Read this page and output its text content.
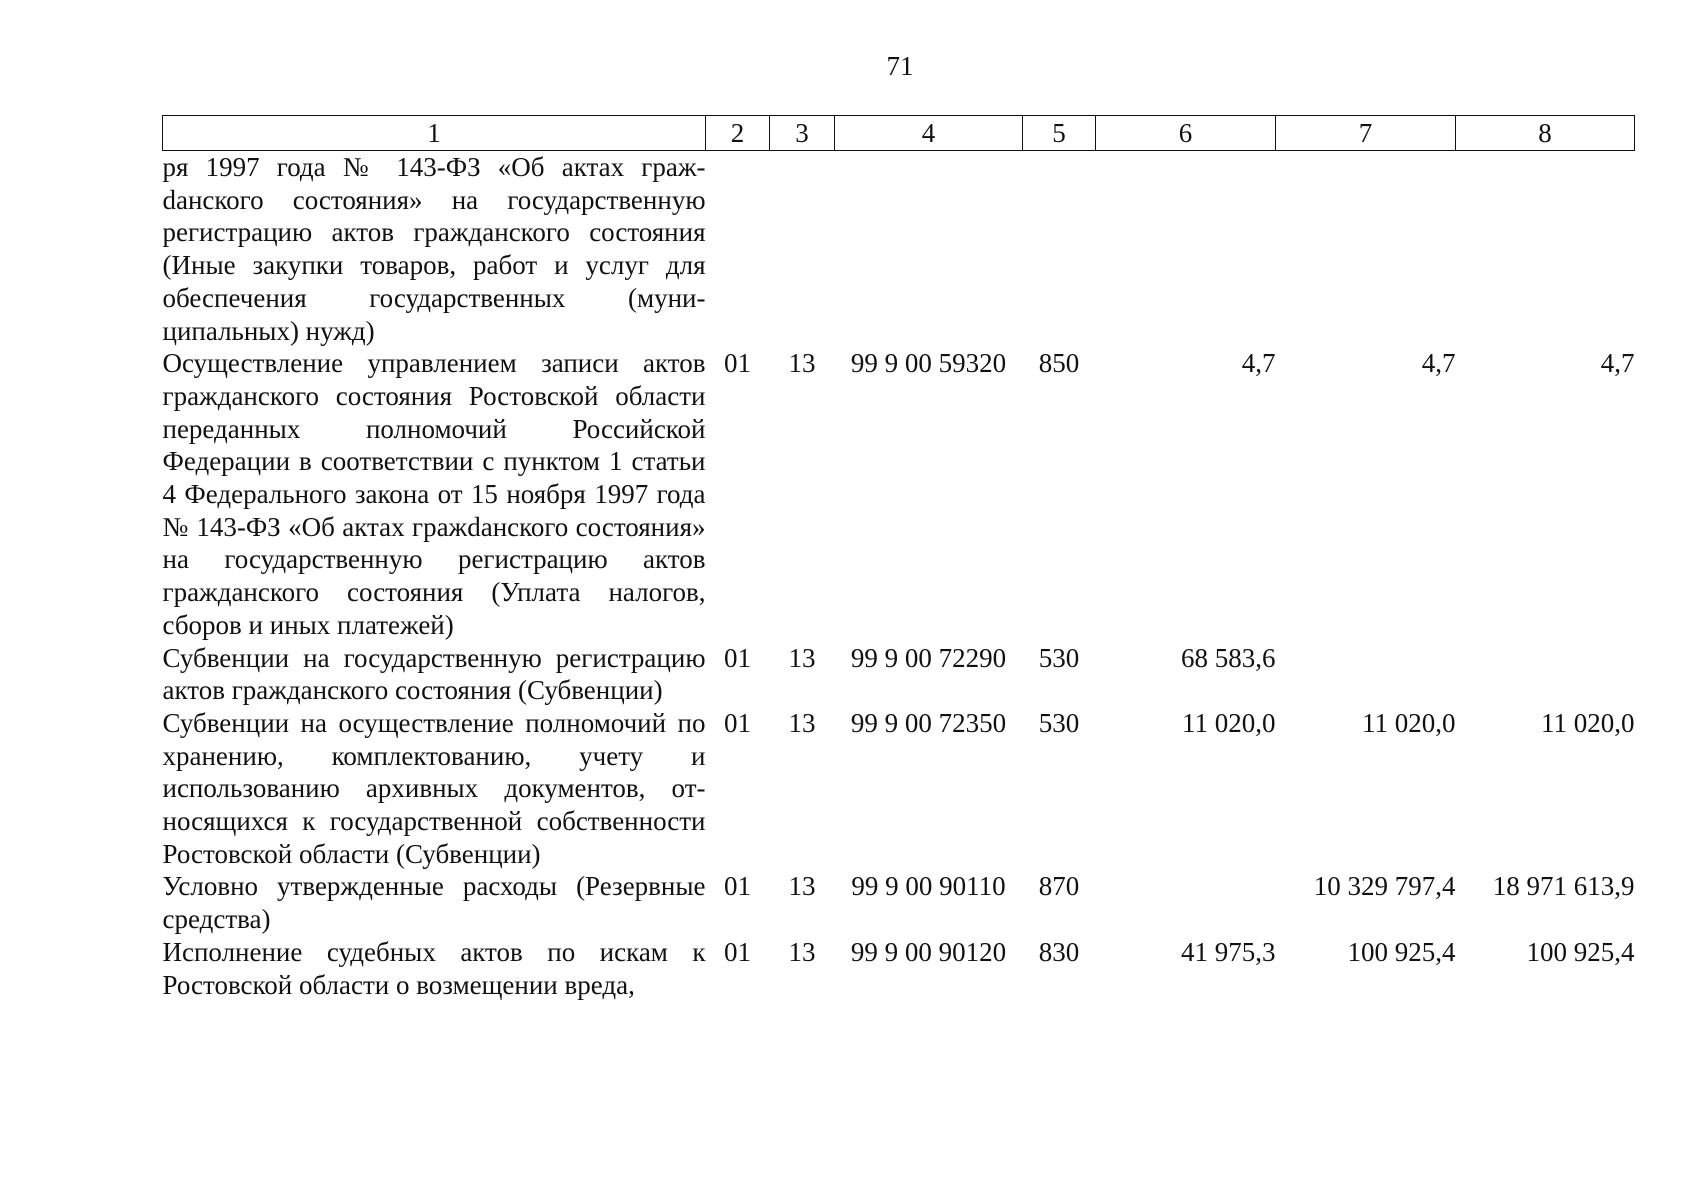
71
1	2	3	4	5	6	7	8
ря 1997 года № 143-ФЗ «Об актах гражdанского состояния» на государственную регистрацию актов гражданского состояния (Иные закупки товаров, работ и услуг для обеспечения государственных (муниципальных) нужд)							
Осуществление управлением записи актов гражданского состояния Ростовской области переданных полномочий Российской Федерации в соответствии с пунктом 1 статьи 4 Федерального закона от 15 ноября 1997 года № 143-ФЗ «Об актах гражdанского состояния» на государственную регистрацию актов гражданского состояния (Уплата налогов, сборов и иных платежей)	01	13	99 9 00 59320	850	4,7	4,7	4,7
Субвенции на государственную регистрацию актов гражданского состояния (Субвенции)	01	13	99 9 00 72290	530	68 583,6		
Субвенции на осуществление полномочий по хранению, комплектованию, учету и использованию архивных документов, относящихся к государственной собственности Ростовской области (Субвенции)	01	13	99 9 00 72350	530	11 020,0	11 020,0	11 020,0
Условно утвержденные расходы (Резервные средства)	01	13	99 9 00 90110	870		10 329 797,4	18 971 613,9
Исполнение судебных актов по искам к Ростовской области о возмещении вреда,	01	13	99 9 00 90120	830	41 975,3	100 925,4	100 925,4
